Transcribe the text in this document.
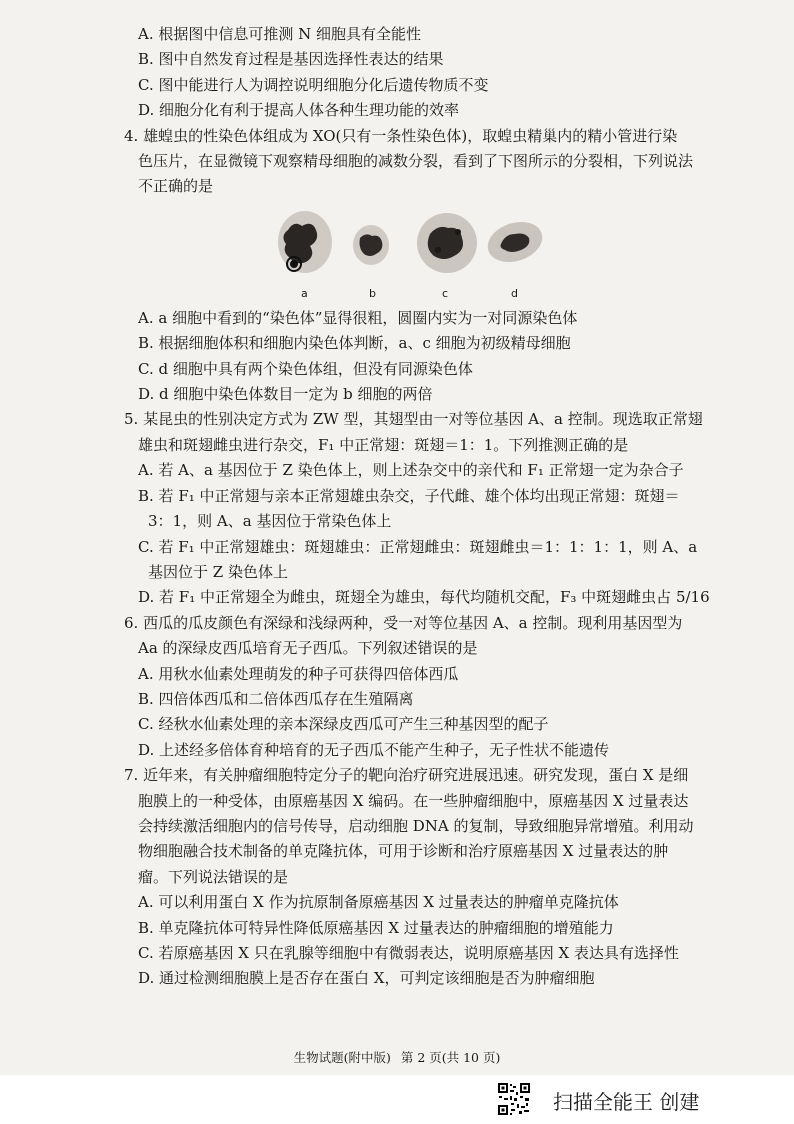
A. 根据图中信息可推测 N 细胞具有全能性
B. 图中自然发育过程是基因选择性表达的结果
C. 图中能进行人为调控说明细胞分化后遗传物质不变
D. 细胞分化有利于提高人体各种生理功能的效率
4. 雄蝗虫的性染色体组成为 XO(只有一条性染色体)，取蝗虫精巢内的精小管进行染
色压片，在显微镜下观察精母细胞的减数分裂，看到了下图所示的分裂相，下列说法
不正确的是
a	b	c	d
A. a 细胞中看到的“染色体”显得很粗，圆圈内实为一对同源染色体
B. 根据细胞体积和细胞内染色体判断，a、c 细胞为初级精母细胞
C. d 细胞中具有两个染色体组，但没有同源染色体
D. d 细胞中染色体数目一定为 b 细胞的两倍
5. 某昆虫的性别决定方式为 ZW 型，其翅型由一对等位基因 A、a 控制。现选取正常翅
雄虫和斑翅雌虫进行杂交，F₁ 中正常翅：斑翅＝1：1。下列推测正确的是
A. 若 A、a 基因位于 Z 染色体上，则上述杂交中的亲代和 F₁ 正常翅一定为杂合子
B. 若 F₁ 中正常翅与亲本正常翅雄虫杂交，子代雌、雄个体均出现正常翅：斑翅＝
3：1，则 A、a 基因位于常染色体上
C. 若 F₁ 中正常翅雄虫：斑翅雄虫：正常翅雌虫：斑翅雌虫＝1：1：1：1，则 A、a
基因位于 Z 染色体上
D. 若 F₁ 中正常翅全为雌虫，斑翅全为雄虫，每代均随机交配，F₃ 中斑翅雌虫占 5/16
6. 西瓜的瓜皮颜色有深绿和浅绿两种，受一对等位基因 A、a 控制。现利用基因型为
Aa 的深绿皮西瓜培育无子西瓜。下列叙述错误的是
A. 用秋水仙素处理萌发的种子可获得四倍体西瓜
B. 四倍体西瓜和二倍体西瓜存在生殖隔离
C. 经秋水仙素处理的亲本深绿皮西瓜可产生三种基因型的配子
D. 上述经多倍体育种培育的无子西瓜不能产生种子，无子性状不能遗传
7. 近年来，有关肿瘤细胞特定分子的靶向治疗研究进展迅速。研究发现，蛋白 X 是细
胞膜上的一种受体，由原癌基因 X 编码。在一些肿瘤细胞中，原癌基因 X 过量表达
会持续激活细胞内的信号传导，启动细胞 DNA 的复制，导致细胞异常增殖。利用动
物细胞融合技术制备的单克隆抗体，可用于诊断和治疗原癌基因 X 过量表达的肿
瘤。下列说法错误的是
A. 可以利用蛋白 X 作为抗原制备原癌基因 X 过量表达的肿瘤单克隆抗体
B. 单克隆抗体可特异性降低原癌基因 X 过量表达的肿瘤细胞的增殖能力
C. 若原癌基因 X 只在乳腺等细胞中有微弱表达，说明原癌基因 X 表达具有选择性
D. 通过检测细胞膜上是否存在蛋白 X，可判定该细胞是否为肿瘤细胞
生物试题(附中版) 第 2 页(共 10 页)
扫描全能王 创建
